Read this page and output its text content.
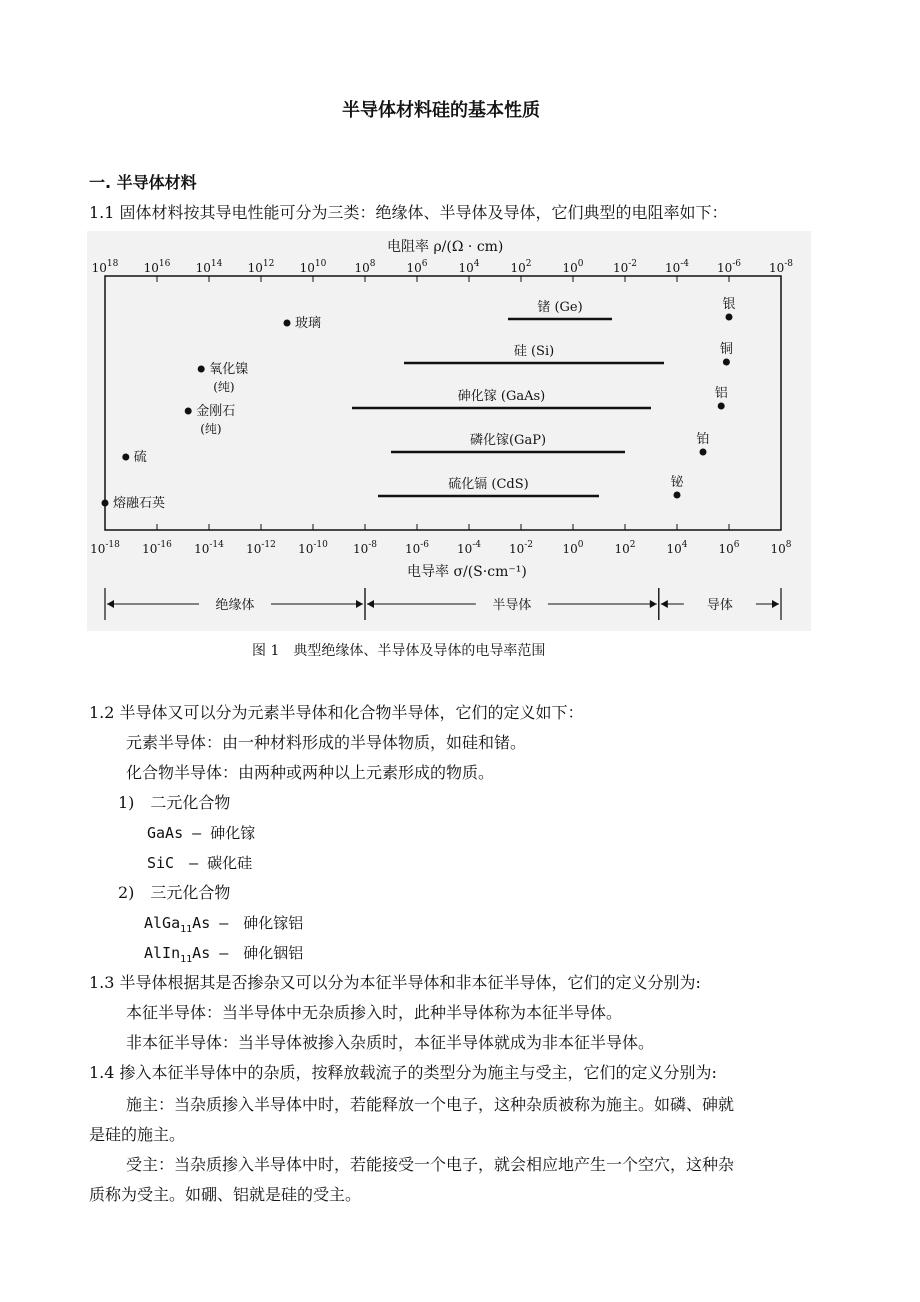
半导体材料硅的基本性质
一. 半导体材料
1.1 固体材料按其导电性能可分为三类：绝缘体、半导体及导体，它们典型的电阻率如下：
电阻率 ρ/(Ω · cm)
$10^{18}$ $10^{16}$ $10^{14}$ $10^{12}$ $10^{10}$ $10^8$	$10^6$	$10^4$	$10^2$	$10^0$ $10^{-2}$ $10^{-4}$ $10^{-6}$ $10^{-8}$
$10^{-18}$ $10^{-16}$ $10^{-14}$ $10^{-12}$ $10^{-10}$ $10^{-8}$ $10^{-6}$ $10^{-4}$ $10^{-2}$ $10^0$	$10^2$	$10^4$	$10^6$	$10^8$
锗 (Ge)
硅 (Si)
砷化镓 (GaAs)
磷化镓(GaP)
硫化镉 (CdS)
玻璃
氧化镍
(纯)
金刚石
(纯)
硫
熔融石英
银
铜
铝
铂
铋
电导率 σ/(S·cm⁻¹)
绝缘体	半导体	导体
图 1　典型绝缘体、半导体及导体的电导率范围
1.2 半导体又可以分为元素半导体和化合物半导体，它们的定义如下：
元素半导体：由一种材料形成的半导体物质，如硅和锗。
化合物半导体：由两种或两种以上元素形成的物质。
1)　二元化合物
GaAs — 砷化镓
SiC　— 碳化硅
2)　三元化合物
AlGa$_{11}$As —　砷化镓铝
AlIn$_{11}$As —　砷化铟铝
1.3 半导体根据其是否掺杂又可以分为本征半导体和非本征半导体，它们的定义分别为:
本征半导体：当半导体中无杂质掺入时，此种半导体称为本征半导体。
非本征半导体：当半导体被掺入杂质时，本征半导体就成为非本征半导体。
1.4 掺入本征半导体中的杂质，按释放载流子的类型分为施主与受主，它们的定义分别为:
施主：当杂质掺入半导体中时，若能释放一个电子，这种杂质被称为施主。如磷、砷就
是硅的施主。
受主：当杂质掺入半导体中时，若能接受一个电子，就会相应地产生一个空穴，这种杂
质称为受主。如硼、铝就是硅的受主。
